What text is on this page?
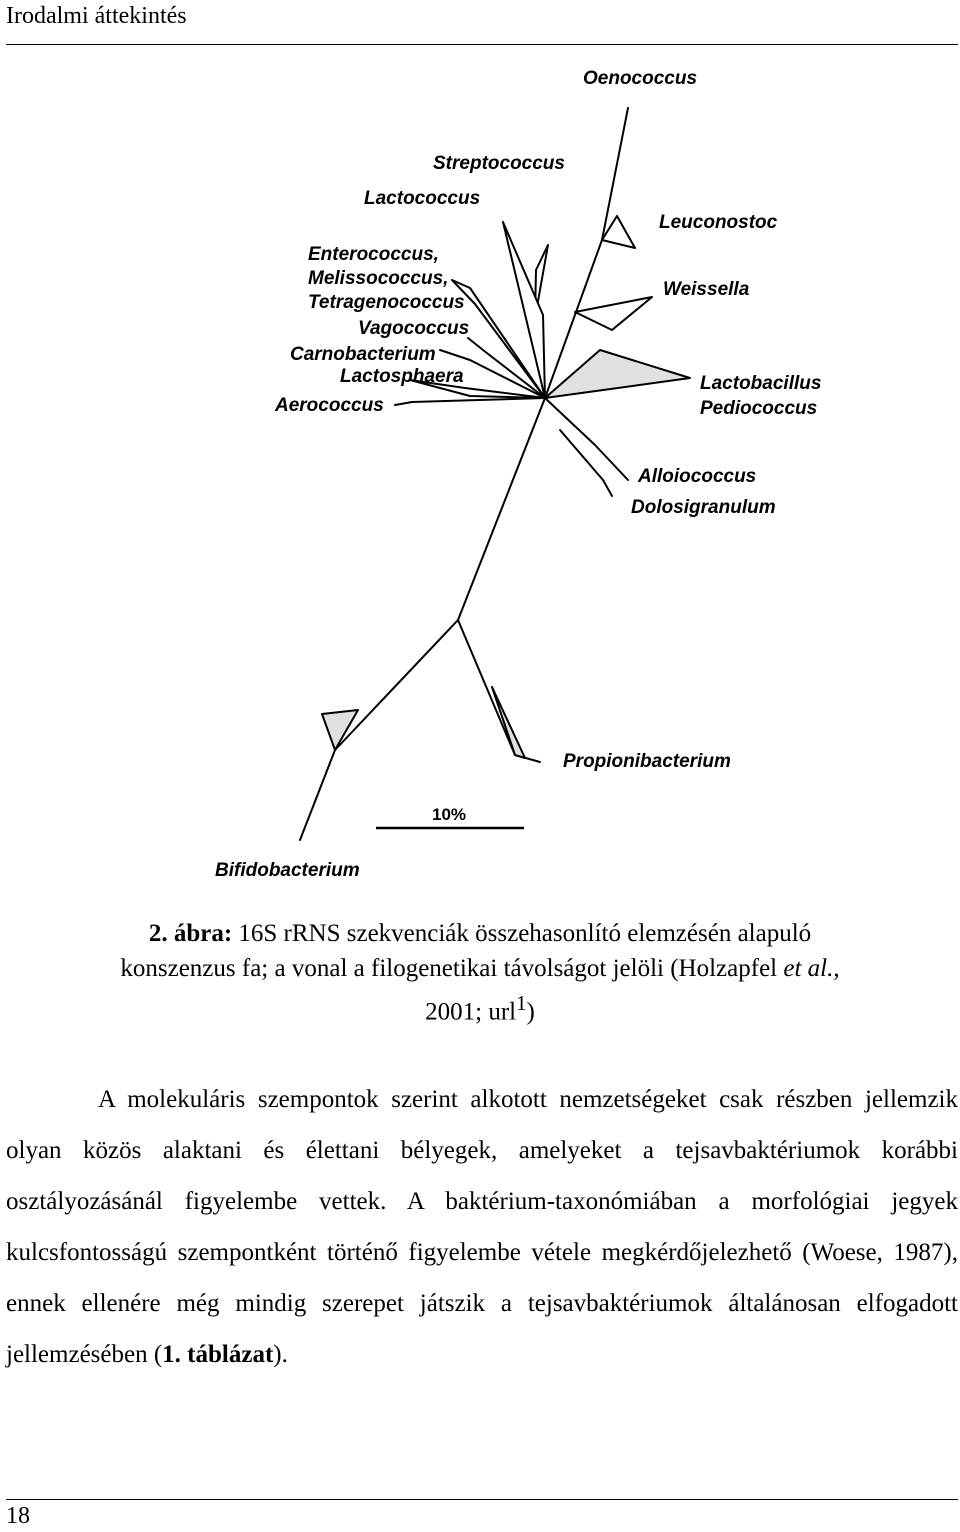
Irodalmi áttekintés
10%
Oenococcus
Streptococcus
Lactococcus
Enterococcus,
Melissococcus,
Tetragenococcus
Vagococcus
Carnobacterium
Lactosphaera
Aerococcus
Leuconostoc
Weissella
Lactobacillus
Pediococcus
Alloiococcus
Dolosigranulum
Propionibacterium
Bifidobacterium
2. ábra: 16S rRNS szekvenciák összehasonlító elemzésén alapuló
konszenzus fa; a vonal a filogenetikai távolságot jelöli (Holzapfel et al.,
2001; url$^1$)

A molekuláris szempontok szerint alkotott nemzetségeket csak részben jellemzik olyan közös alaktani és élettani bélyegek, amelyeket a tejsavbaktériumok korábbi osztályozásánál figyelembe vettek. A baktérium-taxonómiában a morfológiai jegyek kulcsfontosságú szempontként történő figyelembe vétele megkérdőjelezhető (Woese, 1987), ennek ellenére még mindig szerepet játszik a tejsavbaktériumok általánosan elfogadott jellemzésében (1. táblázat).

18
